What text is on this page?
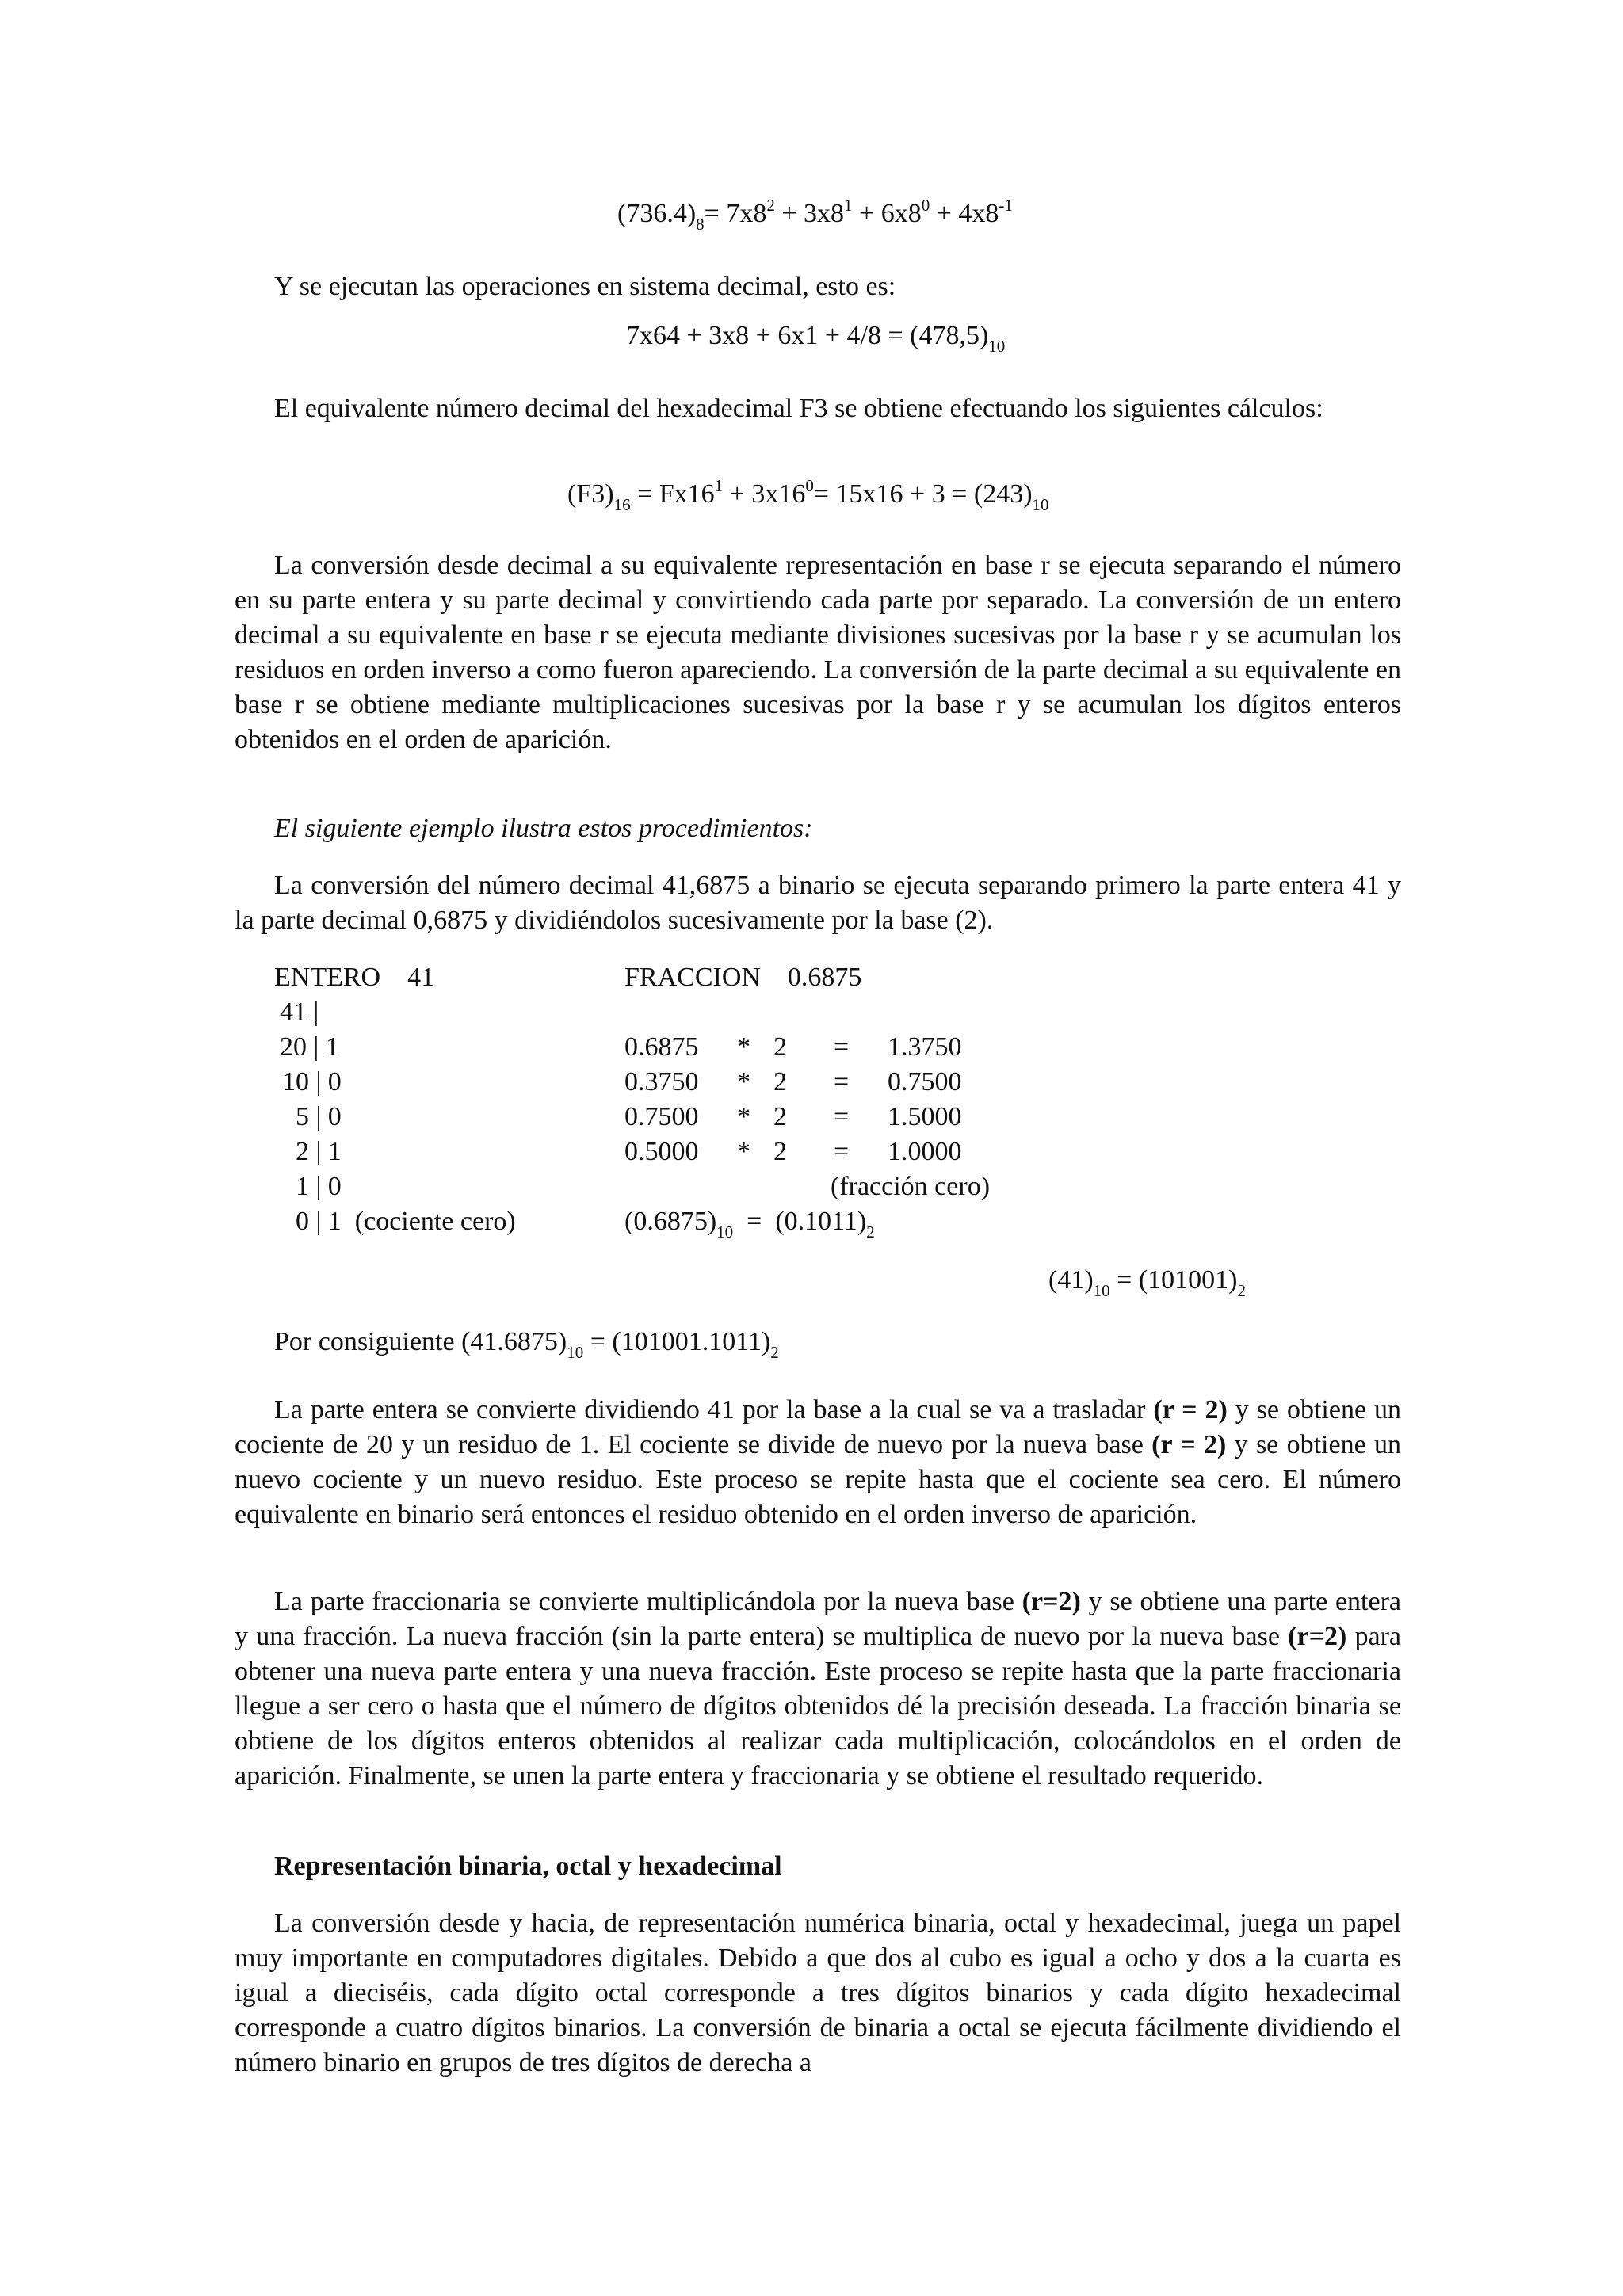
$(736.4)_8= 7x8^2 + 3x8^1 + 6x8^0 + 4x8^{-1}$
Y se ejecutan las operaciones en sistema decimal, esto es:
$7x64 + 3x8 + 6x1 + 4/8 = (478,5)_{10}$
El equivalente número decimal del hexadecimal F3 se obtiene efectuando los siguientes cálculos:
$(F3)_{16} = Fx16^1 + 3x16^0= 15x16 + 3 = (243)_{10}$
La conversión desde decimal a su equivalente representación en base r se ejecuta separando el número en su parte entera y su parte decimal y convirtiendo cada parte por separado. La conversión de un entero decimal a su equivalente en base r se ejecuta mediante divisiones sucesivas por la base r y se acumulan los residuos en orden inverso a como fueron apareciendo. La conversión de la parte decimal a su equivalente en base r se obtiene mediante multiplicaciones sucesivas por la base r y se acumulan los dígitos enteros obtenidos en el orden de aparición.
El siguiente ejemplo ilustra estos procedimientos:
La conversión del número decimal 41,6875 a binario se ejecuta separando primero la parte entera 41 y la parte decimal 0,6875 y dividiéndolos sucesivamente por la base (2).
ENTERO    41
41 |
20 | 1
10 | 0
5 | 0
2 | 1
1 | 0
0 | 1  (cociente cero)
FRACCION    0.6875
0.6875 * 2 = 1.3750
0.3750 * 2 = 0.7500
0.7500 * 2 = 1.5000
0.5000 * 2 = 1.0000
(fracción cero)
$(0.6875)_{10} = (0.1011)_2$
$(41)_{10} = (101001)_2$
Por consiguiente $(41.6875)_{10} = (101001.1011)_2$
La parte entera se convierte dividiendo 41 por la base a la cual se va a trasladar (r = 2) y se obtiene un cociente de 20 y un residuo de 1. El cociente se divide de nuevo por la nueva base (r = 2) y se obtiene un nuevo cociente y un nuevo residuo. Este proceso se repite hasta que el cociente sea cero. El número equivalente en binario será entonces el residuo obtenido en el orden inverso de aparición.
La parte fraccionaria se convierte multiplicándola por la nueva base (r=2) y se obtiene una parte entera y una fracción. La nueva fracción (sin la parte entera) se multiplica de nuevo por la nueva base (r=2) para obtener una nueva parte entera y una nueva fracción. Este proceso se repite hasta que la parte fraccionaria llegue a ser cero o hasta que el número de dígitos obtenidos dé la precisión deseada. La fracción binaria se obtiene de los dígitos enteros obtenidos al realizar cada multiplicación, colocándolos en el orden de aparición. Finalmente, se unen la parte entera y fraccionaria y se obtiene el resultado requerido.
Representación binaria, octal y hexadecimal
La conversión desde y hacia, de representación numérica binaria, octal y hexadecimal, juega un papel muy importante en computadores digitales. Debido a que dos al cubo es igual a ocho y dos a la cuarta es igual a dieciséis, cada dígito octal corresponde a tres dígitos binarios y cada dígito hexadecimal corresponde a cuatro dígitos binarios. La conversión de binaria a octal se ejecuta fácilmente dividiendo el número binario en grupos de tres dígitos de derecha a
